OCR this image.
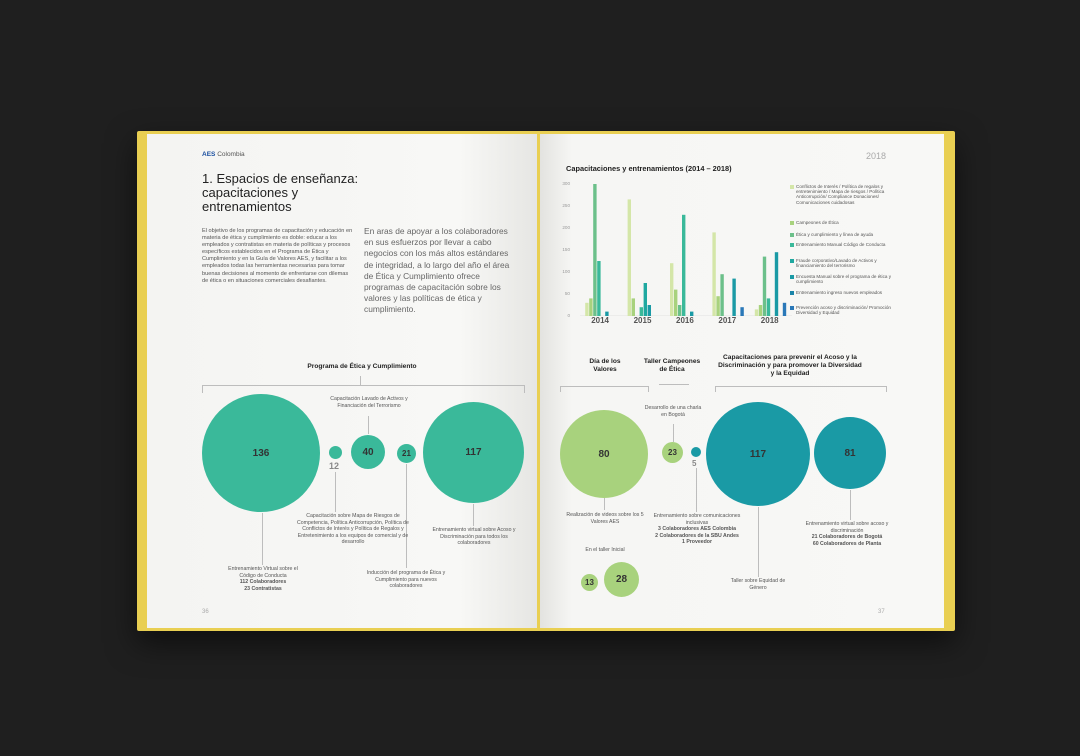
AES Colombia
1. Espacios de enseñanza: capacitaciones y entrenamientos
El objetivo de los programas de capacitación y educación en materia de ética y cumplimiento es doble: educar a los empleados y contratistas en materia de políticas y procesos específicos establecidos en el Programa de Ética y Cumplimiento y en la Guía de Valores AES, y facilitar a los empleados todas las herramientas necesarias para tomar buenas decisiones al momento de enfrentarse con dilemas de ética o en situaciones comerciales desafiantes.
En aras de apoyar a los colaboradores en sus esfuerzos por llevar a cabo negocios con los más altos estándares de integridad, a lo largo del año el área de Ética y Cumplimiento ofrece programas de capacitación sobre los valores y las políticas de ética y cumplimiento.
Programa de Ética y Cumplimiento
136
12
40	21	117
Capacitación Lavado de Activos y Financiación del Terrorismo
Capacitación sobre Mapa de Riesgos de Competencia, Política Anticorrupción, Política de Conflictos de Interés y Política de Regalos y Entretenimiento a los equipos de comercial y de desarrollo
Entrenamiento virtual sobre Acoso y Discriminación para todos los colaboradores
Entrenamiento Virtual sobre el Código de Conducta
112 Colaboradores
23 Contratistas
Inducción del programa de Ética y Cumplimiento para nuevos colaboradores
36
Capacitaciones y entrenamientos (2014 – 2018)
2018
0
50
100
150
200
250
300
2014	2015	2016	2017	2018
Conflictos de Interés / Política de regalos y entretenimiento / Mapa de riesgos / Política Anticorrupción/ Compliance Donaciones/ Comunicaciones cuidadosas
Campeones de Ética
Ética y cumplimiento y línea de ayuda
Entrenamiento Manual Código de Conducta
Fraude corporativo/Lavado de Activos y financiamiento del terrorismo
Encuesta Manual sobre el programa de ética y cumplimiento
Entrenamiento ingreso nuevos empleados
Prevención acoso y discriminación/ Promoción Diversidad y Equidad
Día de los Valores
Taller Campeones de Ética
Capacitaciones para prevenir el Acoso y la Discriminación y para promover la Diversidad y la Equidad
80	23
5
117	81
13	28
Desarrollo de una charla en Bogotá
Realización de videos sobre los 5 Valores AES
En el taller Inicial
Entrenamiento sobre comunicaciones inclusivas
3 Colaboradores AES Colombia
2 Colaboradores de la SBU Andes
1 Proveedor
Entrenamiento virtual sobre acoso y discriminación
21 Colaboradores de Bogotá
60 Colaboradores de Planta
Taller sobre Equidad de Género
37
